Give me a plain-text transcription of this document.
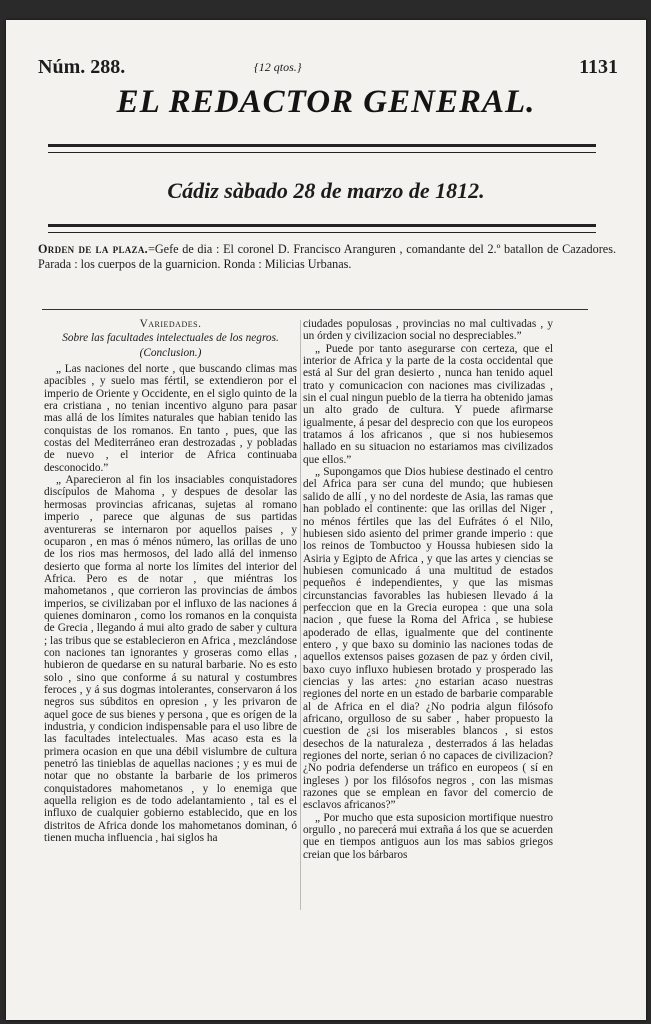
Núm. 288.	{12 qtos.}	1131
EL REDACTOR GENERAL.
Cádiz sàbado 28 de marzo de 1812.
Orden de la plaza.=Gefe de dia : El coronel D. Francisco Aranguren , comandante del 2.º batallon de Cazadores. Parada : los cuerpos de la guarnicion. Ronda : Milicias Urbanas.

Variedades.

Sobre las facultades intelectuales de los negros.

(Conclusion.)

„ Las naciones del norte , que buscando climas mas apacibles , y suelo mas fértil, se extendieron por el imperio de Oriente y Occidente, en el siglo quinto de la era cristiana , no tenian incentivo alguno para pasar mas allá de los límites naturales que habian tenido las conquistas de los romanos. En tanto , pues, que las costas del Mediterráneo eran destrozadas , y pobladas de nuevo , el interior de Africa continuaba desconocido.”

„ Aparecieron al fin los insaciables conquistadores discípulos de Mahoma , y despues de desolar las hermosas provincias africanas, sujetas al romano imperio , parece que algunas de sus partidas aventureras se internaron por aquellos paises , y ocuparon , en mas ó ménos número, las orillas de uno de los rios mas hermosos, del lado allá del inmenso desierto que forma al norte los límites del interior del Africa. Pero es de notar , que miéntras los mahometanos , que corrieron las provincias de ámbos imperios, se civilizaban por el influxo de las naciones á quienes dominaron , como los romanos en la conquista de Grecia , llegando á mui alto grado de saber y cultura ; las tribus que se establecieron en Africa , mezclándose con naciones tan ignorantes y groseras como ellas , hubieron de quedarse en su natural barbarie. No es esto solo , sino que conforme á su natural y costumbres feroces , y á sus dogmas intolerantes, conservaron á los negros sus súbditos en opresion , y les privaron de aquel goce de sus bienes y persona , que es orígen de la industria, y condicion indispensable para el uso libre de las facultades intelectuales. Mas acaso esta es la primera ocasion en que una débil vislumbre de cultura penetró las tinieblas de aquellas naciones ; y es mui de notar que no obstante la barbarie de los primeros conquistadores mahometanos , y lo enemiga que aquella religion es de todo adelantamiento , tal es el influxo de cualquier gobierno establecido, que en los distritos de Africa donde los mahometanos dominan, ó tienen mucha influencia , hai siglos ha

ciudades populosas , provincias no mal cultivadas , y un órden y civilizacion social no despreciables.”

„ Puede por tanto asegurarse con certeza, que el interior de Africa y la parte de la costa occidental que está al Sur del gran desierto , nunca han tenido aquel trato y comunicacion con naciones mas civilizadas , sin el cual ningun pueblo de la tierra ha obtenido jamas un alto grado de cultura. Y puede afirmarse igualmente, á pesar del desprecio con que los europeos tratamos á los africanos , que si nos hubiesemos hallado en su situacion no estariamos mas civilizados que ellos.”

„ Supongamos que Dios hubiese destinado el centro del Africa para ser cuna del mundo; que hubiesen salido de allí , y no del nordeste de Asia, las ramas que han poblado el continente: que las orillas del Niger , no ménos fértiles que las del Eufrátes ó el Nilo, hubiesen sido asiento del primer grande imperio : que los reinos de Tombuctoo y Houssa hubiesen sido la Asiria y Egipto de Africa , y que las artes y ciencias se hubiesen comunicado á una multitud de estados pequeños é independientes, y que las mismas circunstancias favorables las hubiesen llevado á la perfeccion que en la Grecia europea : que una sola nacion , que fuese la Roma del Africa , se hubiese apoderado de ellas, igualmente que del continente entero , y que baxo su dominio las naciones todas de aquellos extensos paises gozasen de paz y órden civil, baxo cuyo influxo hubiesen brotado y prosperado las ciencias y las artes: ¿no estarian acaso nuestras regiones del norte en un estado de barbarie comparable al de Africa en el dia? ¿No podria algun filósofo africano, orgulloso de su saber , haber propuesto la cuestion de ¿si los miserables blancos , si estos desechos de la naturaleza , desterrados á las heladas regiones del norte, serian ó no capaces de civilizacion? ¿No podria defenderse un tráfico en europeos ( sí en ingleses ) por los filósofos negros , con las mismas razones que se emplean en favor del comercio de esclavos africanos?”

„ Por mucho que esta suposicion mortifique nuestro orgullo , no parecerá mui extraña á los que se acuerden que en tiempos antiguos aun los mas sabios griegos creian que los bárbaros
